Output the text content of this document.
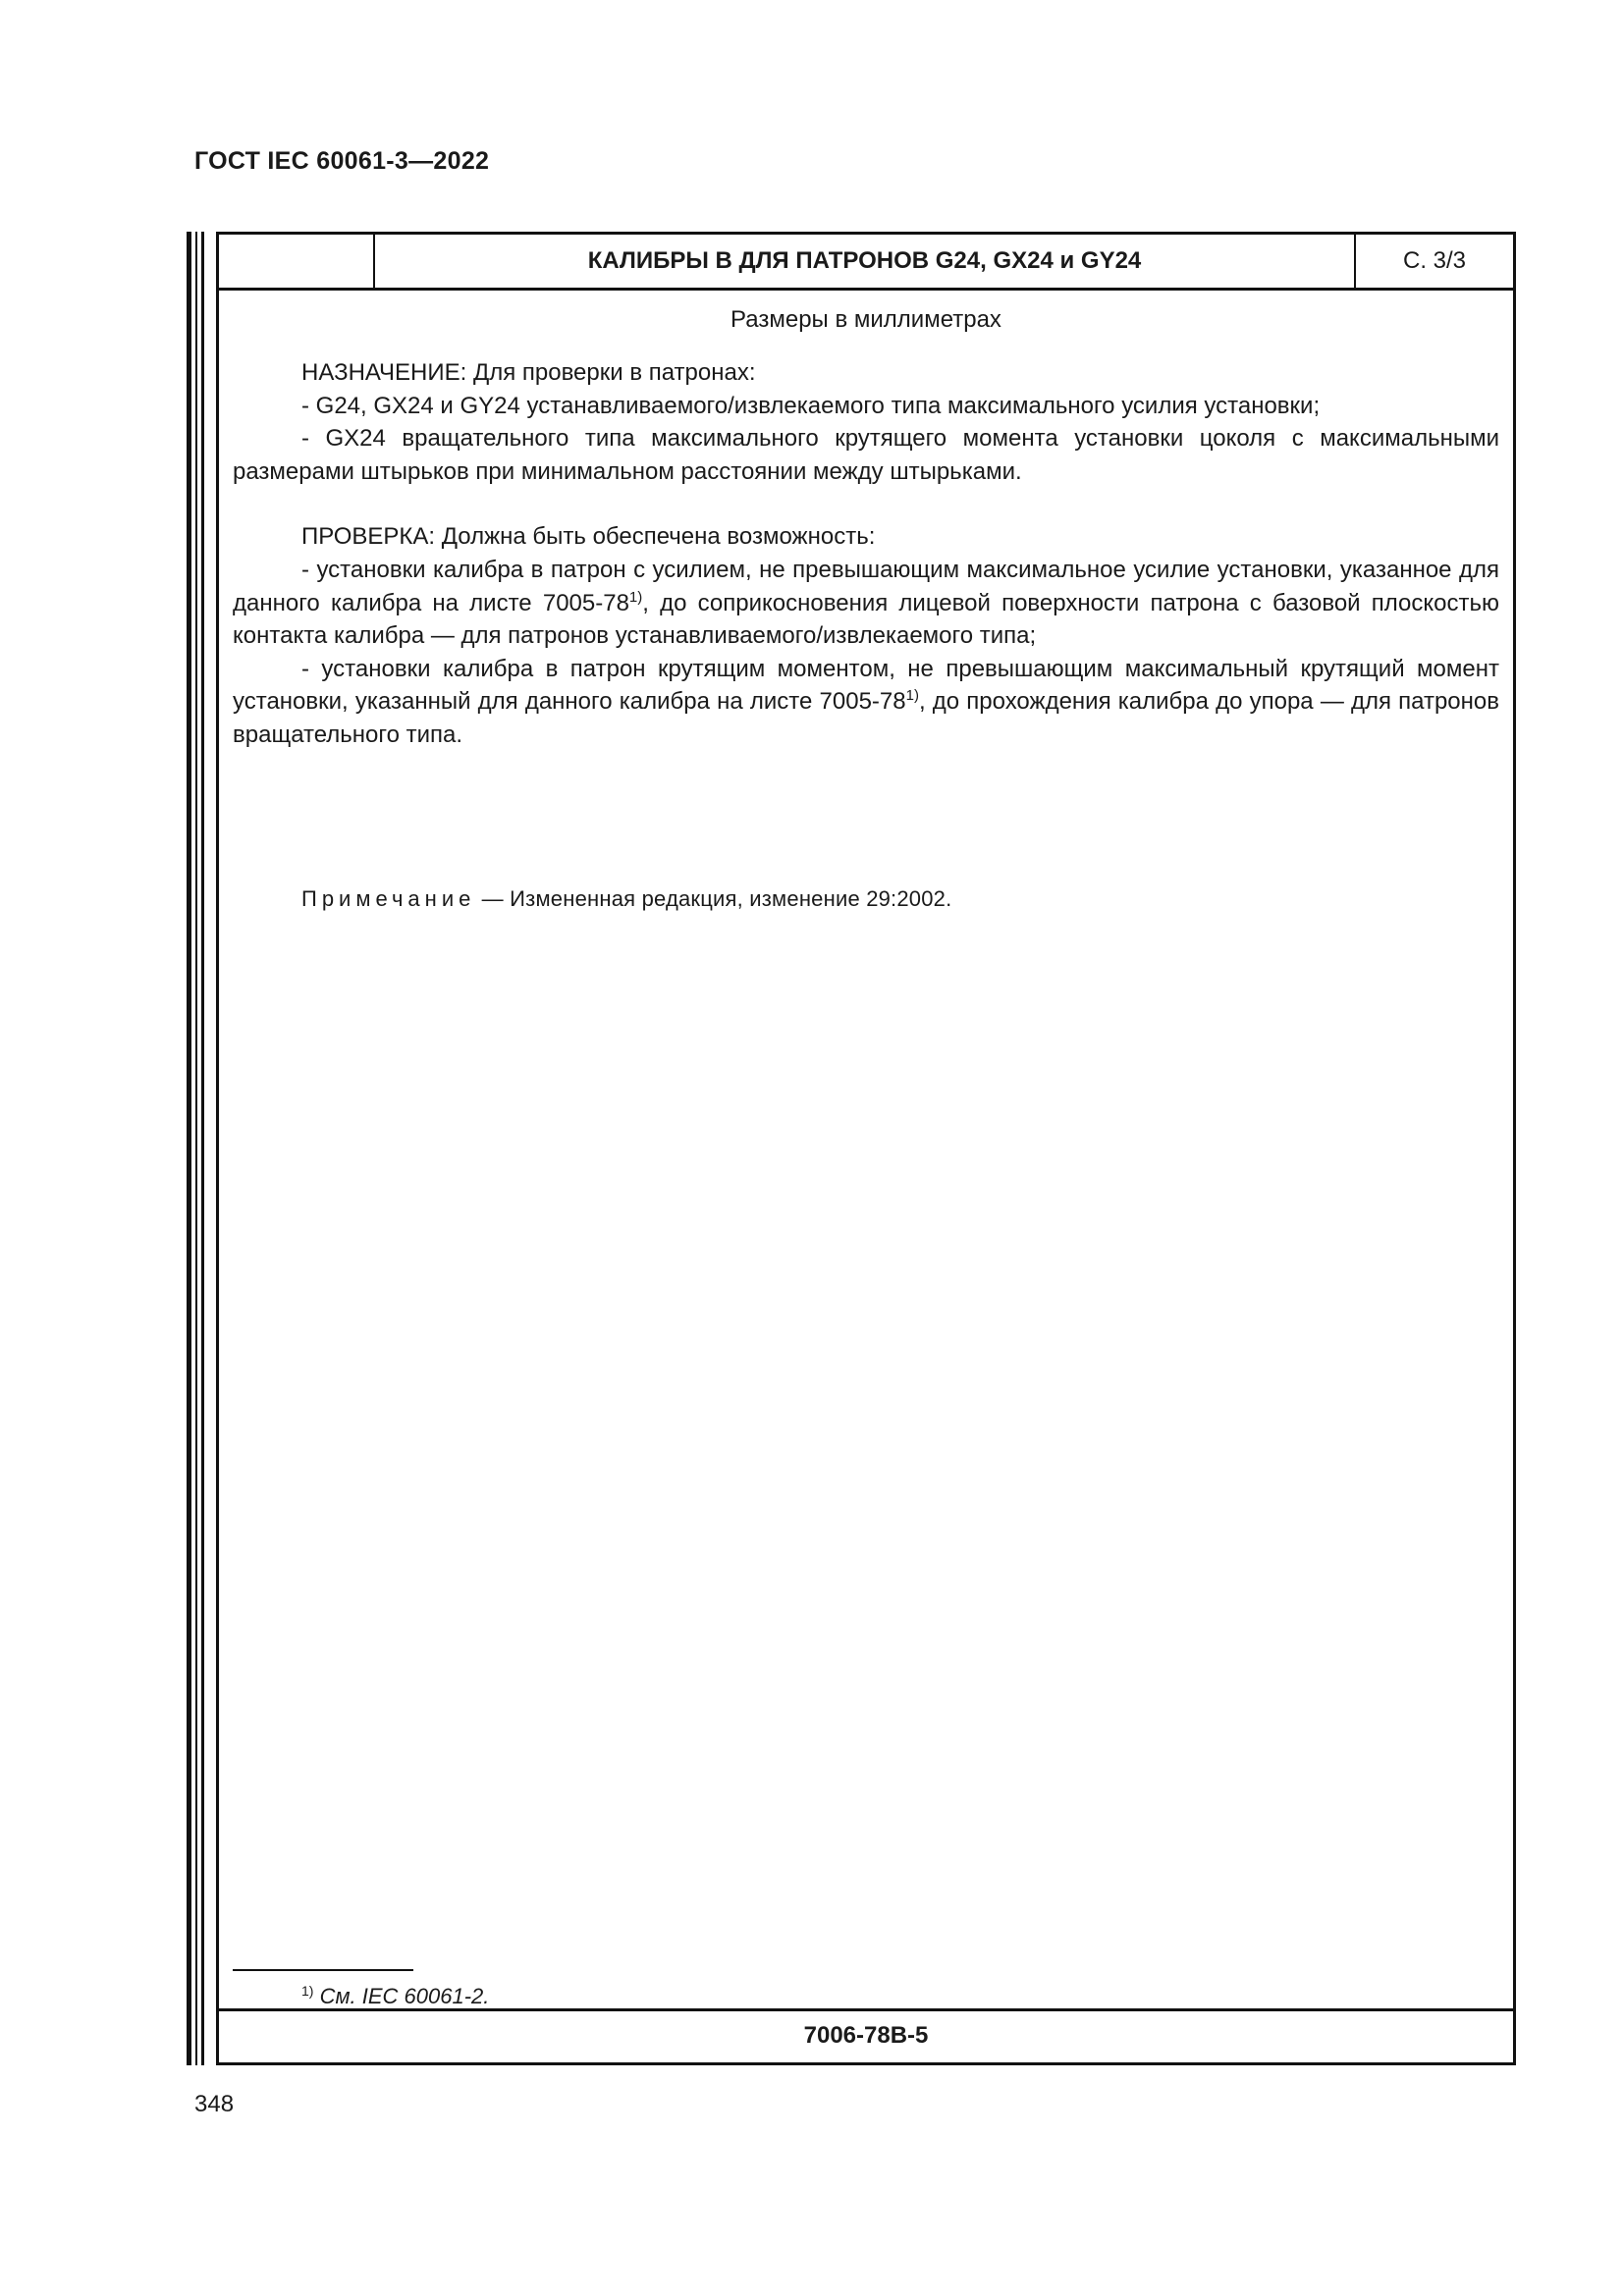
ГОСТ IEC 60061-3—2022
КАЛИБРЫ В ДЛЯ ПАТРОНОВ G24, GX24 и GY24	С. 3/3
Размеры в миллиметрах

НАЗНАЧЕНИЕ: Для проверки в патронах:

- G24, GX24 и GY24 устанавливаемого/извлекаемого типа максимального усилия установки;

- GX24 вращательного типа максимального крутящего момента установки цоколя с максимальными размерами штырьков при минимальном расстоянии между штырьками.

ПРОВЕРКА: Должна быть обеспечена возможность:

- установки калибра в патрон с усилием, не превышающим максимальное усилие установки, указанное для данного калибра на листе 7005-78$^{1)}$, до соприкосновения лицевой поверхности патрона с базовой плоскостью контакта калибра — для патронов устанавливаемого/извлекаемого типа;

- установки калибра в патрон крутящим моментом, не превышающим максимальный крутящий момент установки, указанный для данного калибра на листе 7005-78$^{1)}$, до прохождения калибра до упора — для патронов вращательного типа.

Примечание — Измененная редакция, изменение 29:2002.
$^{1)}$ См. IEC 60061-2.
7006-78B-5
348
